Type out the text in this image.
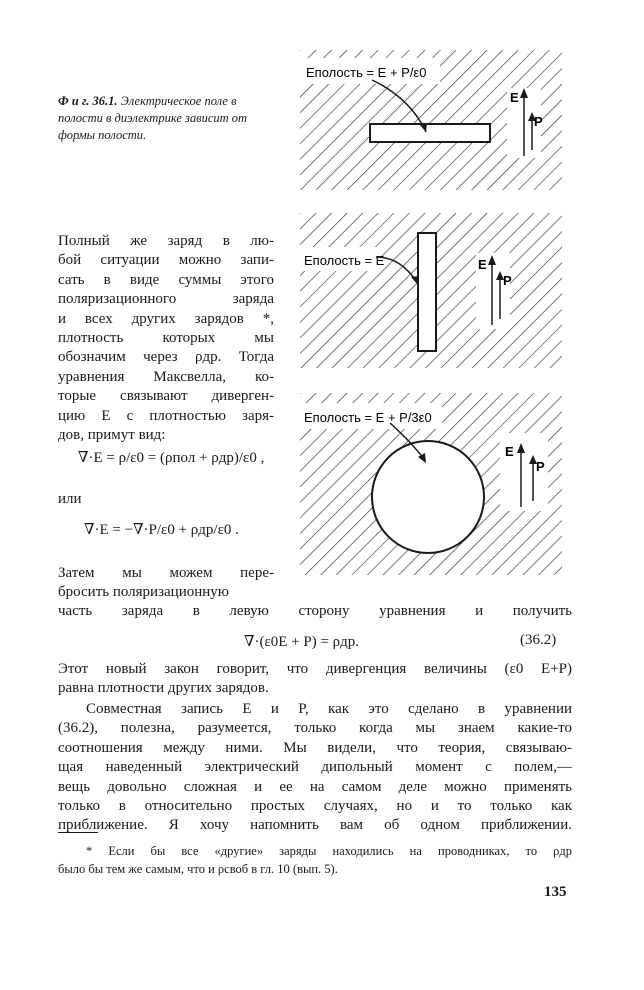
Ф и г. 36.1. Электрическое поле в полости в диэлектрике зависит от формы полости.
Eполость = E + P/ε0
E
P
Eполость = E	E
P
Eполость = E + P/3ε0
E
P
Полный же заряд в лю-
бой ситуации можно запи-
сать в виде суммы этого
поляризационного заряда
и всех других зарядов *,
плотность которых мы
обозначим через ρдр. Тогда
уравнения Максвелла, ко-
торые связывают диверген-
цию E с плотностью заря-
дов, примут вид:
∇·E = ρ/ε0 = (ρпол + ρдр)/ε0 ,
или
∇·E = −∇·P/ε0 + ρдр/ε0 .
Затем мы можем пере-
бросить поляризационную
часть заряда в левую сторону уравнения и получить
∇·(ε0E + P) = ρдр.	(36.2)
Этот новый закон говорит, что дивергенция величины (ε0 E+P)
равна плотности других зарядов.
Совместная запись E и P, как это сделано в уравнении
(36.2), полезна, разумеется, только когда мы знаем какие-то
соотношения между ними. Мы видели, что теория, связываю-
щая наведенный электрический дипольный момент с полем,—
вещь довольно сложная и ее на самом деле можно применять
только в относительно простых случаях, но и то только как
приближение. Я хочу напомнить вам об одном приближении.
* Если бы все «другие» заряды находились на проводниках, то ρдр
было бы тем же самым, что и ρсвоб в гл. 10 (вып. 5).
135
